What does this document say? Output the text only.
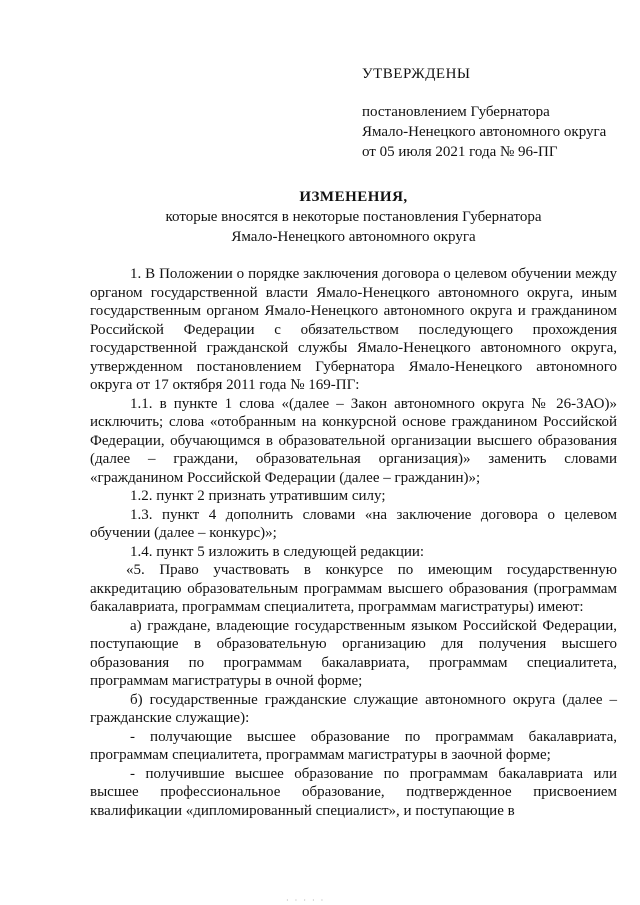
УТВЕРЖДЕНЫ
постановлением Губернатора
Ямало-Ненецкого автономного округа
от 05 июля 2021 года № 96-ПГ
ИЗМЕНЕНИЯ,
которые вносятся в некоторые постановления Губернатора
Ямало-Ненецкого автономного округа

1. В Положении о порядке заключения договора о целевом обучении между органом государственной власти Ямало-Ненецкого автономного округа, иным государственным органом Ямало-Ненецкого автономного округа и гражданином Российской Федерации с обязательством последующего прохождения государственной гражданской службы Ямало-Ненецкого автономного округа, утвержденном постановлением Губернатора Ямало-Ненецкого автономного округа от 17 октября 2011 года № 169-ПГ:

1.1. в пункте 1 слова «(далее – Закон автономного округа № 26-ЗАО)» исключить; слова «отобранным на конкурсной основе гражданином Российской Федерации, обучающимся в образовательной организации высшего образования (далее – граждани, образовательная организация)» заменить словами «гражданином Российской Федерации (далее – гражданин)»;

1.2. пункт 2 признать утратившим силу;

1.3. пункт 4 дополнить словами «на заключение договора о целевом обучении (далее – конкурс)»;

1.4. пункт 5 изложить в следующей редакции:

«5. Право участвовать в конкурсе по имеющим государственную аккредитацию образовательным программам высшего образования (программам бакалавриата, программам специалитета, программам магистратуры) имеют:

а) граждане, владеющие государственным языком Российской Федерации, поступающие в образовательную организацию для получения высшего образования по программам бакалавриата, программам специалитета, программам магистратуры в очной форме;

б) государственные гражданские служащие автономного округа (далее – гражданские служащие):

- получающие высшее образование по программам бакалавриата, программам специалитета, программам магистратуры в заочной форме;

- получившие высшее образование по программам бакалавриата или высшее профессиональное образование, подтвержденное присвоением квалификации «дипломированный специалист», и поступающие в

· · · · ·
